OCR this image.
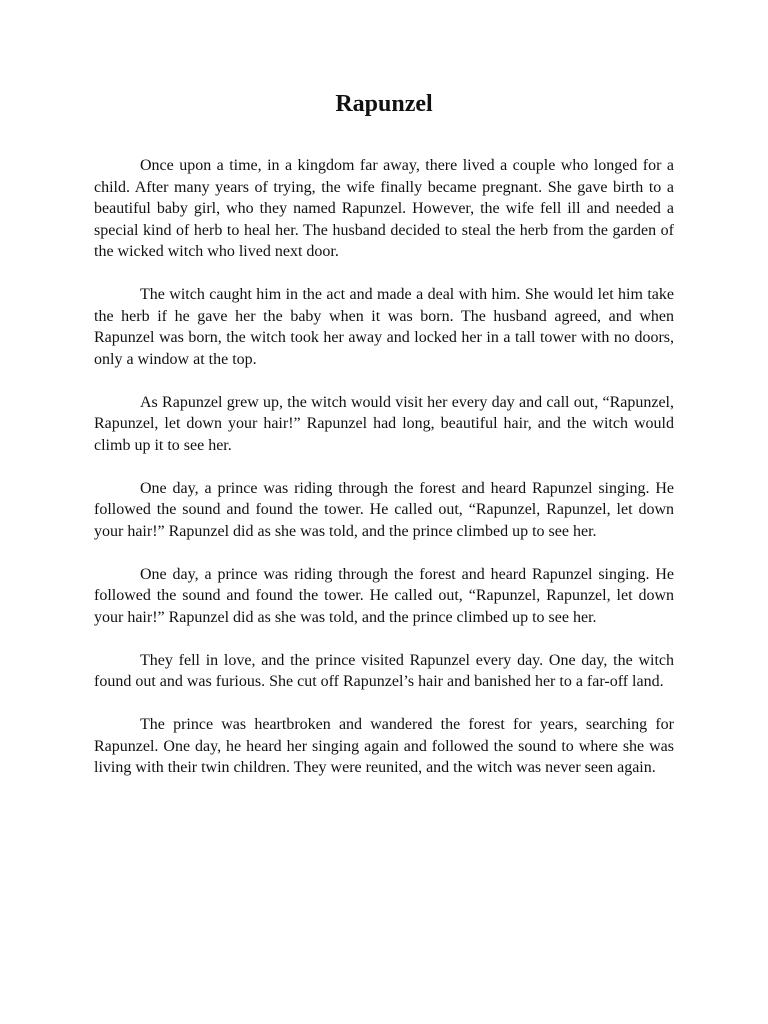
Rapunzel

Once upon a time, in a kingdom far away, there lived a couple who longed for a child. After many years of trying, the wife finally became pregnant. She gave birth to a beautiful baby girl, who they named Rapunzel. However, the wife fell ill and needed a special kind of herb to heal her. The husband decided to steal the herb from the garden of the wicked witch who lived next door.

The witch caught him in the act and made a deal with him. She would let him take the herb if he gave her the baby when it was born. The husband agreed, and when Rapunzel was born, the witch took her away and locked her in a tall tower with no doors, only a window at the top.

As Rapunzel grew up, the witch would visit her every day and call out, “Rapunzel, Rapunzel, let down your hair!” Rapunzel had long, beautiful hair, and the witch would climb up it to see her.

One day, a prince was riding through the forest and heard Rapunzel singing. He followed the sound and found the tower. He called out, “Rapunzel, Rapunzel, let down your hair!” Rapunzel did as she was told, and the prince climbed up to see her.

One day, a prince was riding through the forest and heard Rapunzel singing. He followed the sound and found the tower. He called out, “Rapunzel, Rapunzel, let down your hair!” Rapunzel did as she was told, and the prince climbed up to see her.

They fell in love, and the prince visited Rapunzel every day. One day, the witch found out and was furious. She cut off Rapunzel’s hair and banished her to a far-off land.

The prince was heartbroken and wandered the forest for years, searching for Rapunzel. One day, he heard her singing again and followed the sound to where she was living with their twin children. They were reunited, and the witch was never seen again.
